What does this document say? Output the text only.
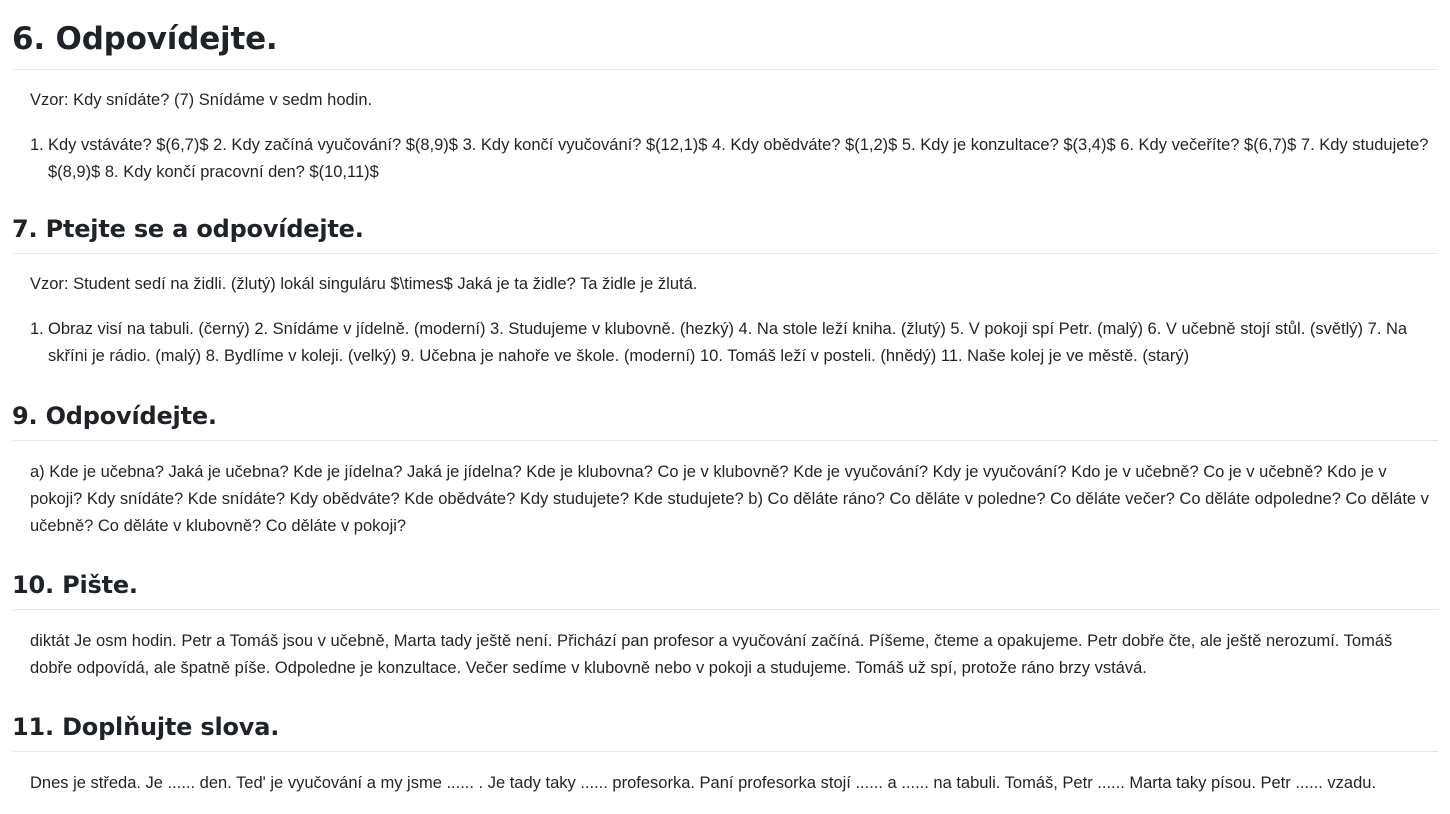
6. Odpovídejte.

Vzor: Kdy snídáte? (7) Snídáme v sedm hodin.

1. Kdy vstáváte? $(6,7)$ 2. Kdy začíná vyučování? $(8,9)$ 3. Kdy končí vyučování? $(12,1)$ 4. Kdy obědváte? $(1,2)$ 5. Kdy je konzultace? $(3,4)$ 6. Kdy večeříte? $(6,7)$ 7. Kdy studujete? $(8,9)$ 8. Kdy končí pracovní den? $(10,11)$
7. Ptejte se a odpovídejte.

Vzor: Student sedí na židli. (žlutý) lokál singuláru $\times$ Jaká je ta židle? Ta židle je žlutá.

1. Obraz visí na tabuli. (černý) 2. Snídáme v jídelně. (moderní) 3. Studujeme v klubovně. (hezký) 4. Na stole leží kniha. (žlutý) 5. V pokoji spí Petr. (malý) 6. V učebně stojí stůl. (světlý) 7. Na skříni je rádio. (malý) 8. Bydlíme v koleji. (velký) 9. Učebna je nahoře ve škole. (moderní) 10. Tomáš leží v posteli. (hnědý) 11. Naše kolej je ve městě. (starý)
9. Odpovídejte.

a) Kde je učebna? Jaká je učebna? Kde je jídelna? Jaká je jídelna? Kde je klubovna? Co je v klubovně? Kde je vyučování? Kdy je vyučování? Kdo je v učebně? Co je v učebně? Kdo je v pokoji? Kdy snídáte? Kde snídáte? Kdy obědváte? Kde obědváte? Kdy studujete? Kde studujete? b) Co děláte ráno? Co děláte v poledne? Co děláte večer? Co děláte odpoledne? Co děláte v učebně? Co děláte v klubovně? Co děláte v pokoji?

10. Pište.

diktát Je osm hodin. Petr a Tomáš jsou v učebně, Marta tady ještě není. Přichází pan profesor a vyučování začíná. Píšeme, čteme a opakujeme. Petr dobře čte, ale ještě nerozumí. Tomáš dobře odpovídá, ale špatně píše. Odpoledne je konzultace. Večer sedíme v klubovně nebo v pokoji a studujeme. Tomáš už spí, protože ráno brzy vstává.

11. Doplňujte slova.

Dnes je středa. Je ...... den. Ted' je vyučování a my jsme ...... . Je tady taky ...... profesorka. Paní profesorka stojí ...... a ...... na tabuli. Tomáš, Petr ...... Marta taky písou. Petr ...... vzadu.
